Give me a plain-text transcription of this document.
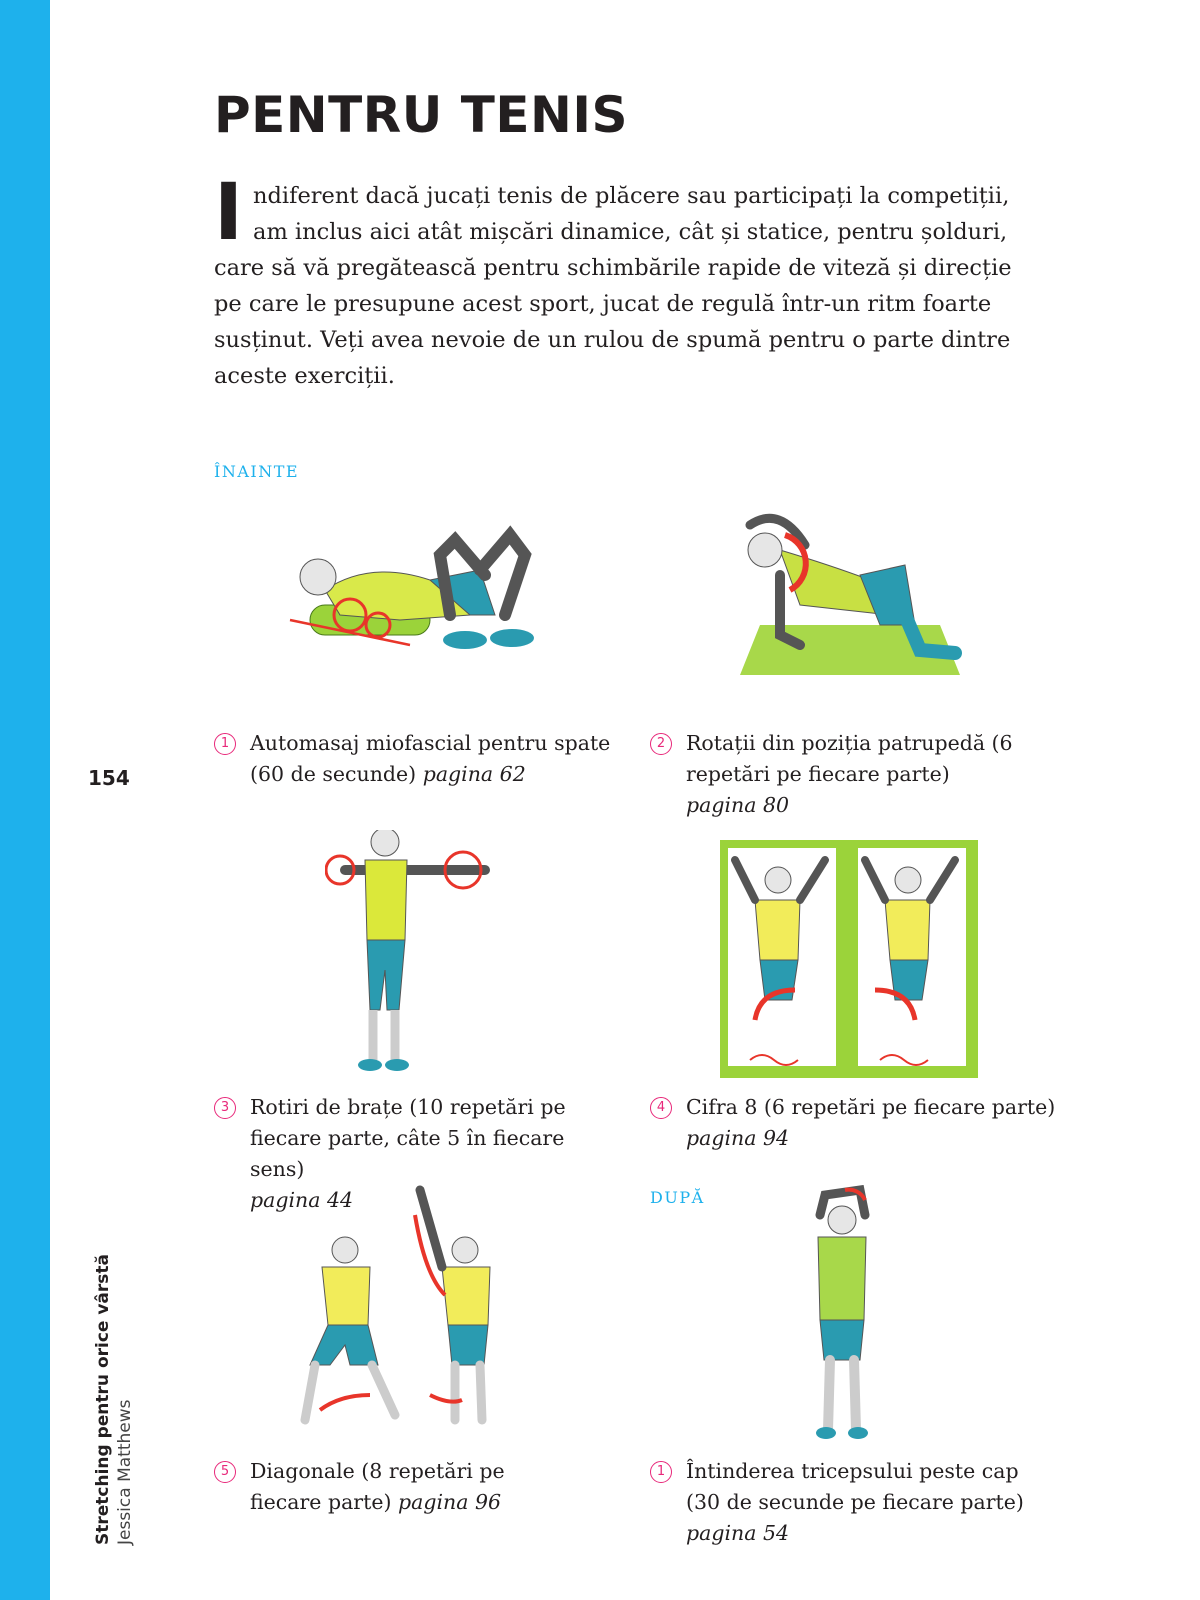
154
Stretching pentru orice vârstă Jessica Matthews
PENTRU TENIS

I ndiferent dacă jucați tenis de plăcere sau participați la competiții, am inclus aici atât mișcări dinamice, cât și statice, pentru șolduri, care să vă pregătească pentru schimbările rapide de viteză și direcție pe care le presupune acest sport, jucat de regulă într-un ritm foarte susținut. Veți avea nevoie de un rulou de spumă pentru o parte dintre aceste exerciții.

ÎNAINTE
DUPĂ
1	Automasaj miofascial pentru spate (60 de secunde) pagina 62
2	Rotații din poziția patrupedă (6 repetări pe fiecare parte)
pagina 80
3	Rotiri de brațe (10 repetări pe fiecare parte, câte 5 în fiecare sens)
pagina 44
4	Cifra 8 (6 repetări pe fiecare parte)
pagina 94
5	Diagonale (8 repetări pe fiecare parte) pagina 96
1	Întinderea tricepsului peste cap (30 de secunde pe fiecare parte)
pagina 54
